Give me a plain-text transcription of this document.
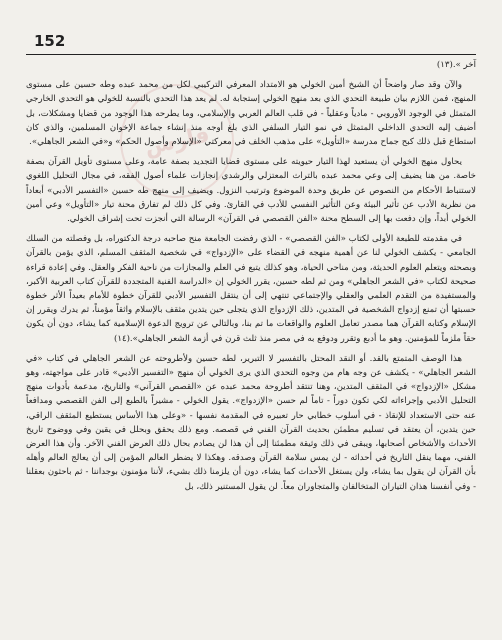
152
فارس

آخر ».(١٣)

والآن وقد صار واضحاً أن الشيخ أمين الخولي هو الامتداد المعرفي التركيبي لكل من محمد عبده وطه حسين على مستوى المنهج، فمن اللازم بيان طبيعة التحدي الذي بعد منهج الخولي إستجابة له. لم يعد هذا التحدي بالنسبة للخولي هو التحدي الخارجي المتمثل في الوجود الأوروبي - مادياً وعقلياً - في قلب العالم العربي والإسلامي، وما يطرحه هذا الوجود من قضايا ومشكلات، بل أضيف إليه التحدي الداخلي المتمثل في نمو التيار السلفي الذي بلغ أوجه منذ إنشاء جماعة الإخوان المسلمين، والذي كان استطاع قبل ذلك كبح جماح مدرسة «التأويل» على مذهب الخلف في معركتي «الإسلام وأصول الحكم» و«في الشعر الجاهلي».

يحاول منهج الخولي أن يستعيد لهذا التيار حيويته على مستوى قضايا التجديد بصفة عامة، وعلى مستوى تأويل القرآن بصفة خاصة. من هنا يضيف إلى وعي محمد عبده بالتراث المعتزلي والرشدي إنجازات علماء أصول الفقه، في مجال التحليل اللغوي لاستنباط الأحكام من النصوص عن طريق وحدة الموضوع وترتيب النزول. ويضيف إلى منهج طه حسين «التفسير الأدبي» أبعاداً من نظرية الأدب عن تأثير البيئة وعن التأثير النفسي للأدب في القارئ. وفي كل ذلك لم تفارق محنة تيار «التأويل» وعي أمين الخولي أبداً، وإن دفعت بها إلى السطح محنة «الفن القصصي في القرآن» الرسالة التي أنجزت تحت إشراف الخولي.

في مقدمته للطبعة الأولى لكتاب «الفن القصصي» - الذي رفضت الجامعة منح صاحبه درجة الدكتوراه، بل وفصلته من السلك الجامعي - يكشف الخولي لنا عن أهمية منهجه في القضاء على «الإزدواج» في شخصية المثقف المسلم، الذي يؤمن بالقرآن وبصحته ويتعلم العلوم الحديثة، ومن مناحي الحياة، وهو كذلك يتبع في العلم والمجازات من ناحية الفكر والعقل. وفي إعادة قراءة صحيحة لكتاب «في الشعر الجاهلي» ومن ثم لطه حسين، يقرر الخولي إن «الدراسة الفنية المتجددة للقرآن كتاب العربية الأكبر، والمستفيدة من التقدم العلمي والعقلي والإجتماعي تنتهي إلى أن ينتقل التفسير الأدبي للقرآن خطوة للأمام بعيداً الأثر خطوة حسبتها أن تمنع إزدواج الشخصية في المتدين، ذلك الإزدواج الذي يتجلى حين يتدين مثقف بالإسلام واثقاً مؤمناً، ثم يدرك ويقرر إن الإسلام وكتابه القرآن هما مصدر تعامل العلوم والواقعات ما تم بنا، وبالتالي عن ترويج الدعوة الإسلامية كما يشاء، دون أن يكون حقاً ملزماً للمؤمنين. وهو ما أدبع وتقرر ودوفع به في مصر منذ ثلث قرن في أزمة الشعر الجاهلي».(١٤)

هذا الوصف المتمتع بالقد. أو النقد المحتل بالتفسير لا التبرير، لطه حسين ولأطروحته عن الشعر الجاهلي في كتاب «في الشعر الجاهلي» - يكشف عن وجه هام من وجوه التحدي الذي يرى الخولي أن منهج «التفسير الأدبي» قادر على مواجهته، وهو مشكل «الإزدواج» في المثقف المتدين، وهنا تنتقد أطروحة محمد عبده عن «القصص القرآني» والتاريخ، مدعمة بأدوات منهج التحليل الأدبي وإجراءاته لكي تكون دوراً - تاماً لم حسن «الإزدواج». يقول الخولي - مشيراً بالطبع إلى الفن القصصي ومدافعاً عنه حتى الاستعداد للإنقاذ - في أسلوب خطابي حار تعبيره في المقدمة نفسها - «وعلى هذا الأساس يستطيع المثقف الراقي، حين يتدين، أن يعتقد في تسليم مطمئن بحديث القرآن الفني في قصصه. ومع ذلك يحقق وبحلل في يقين وفي ووضوح تاريخ الأحداث والأشخاص أصحابها، ويبقى في ذلك وثيقة مطمئنا إلى أن هذا لن يصادم بحال ذلك العرض الفني الآخر. وأن هذا العرض الفني، مهما ينقل التاريخ في أحداثه - لن يمس سلامة القرآن وصدقه. وهكذا لا يضطر العالم المؤمن إلى أن يعالج العالم وأهله بأن القرآن لن يقول بما يشاء، ولن يستغل الأحداث كما يشاء، دون أن يلزمنا ذلك بشيء، لأننا مؤمنون بوجداننا - ثم باحثون بعقلنا - وفي أنفسنا هذان التياران المتخالفان والمتجاوران معاً. لن يقول المستنير ذلك، بل
